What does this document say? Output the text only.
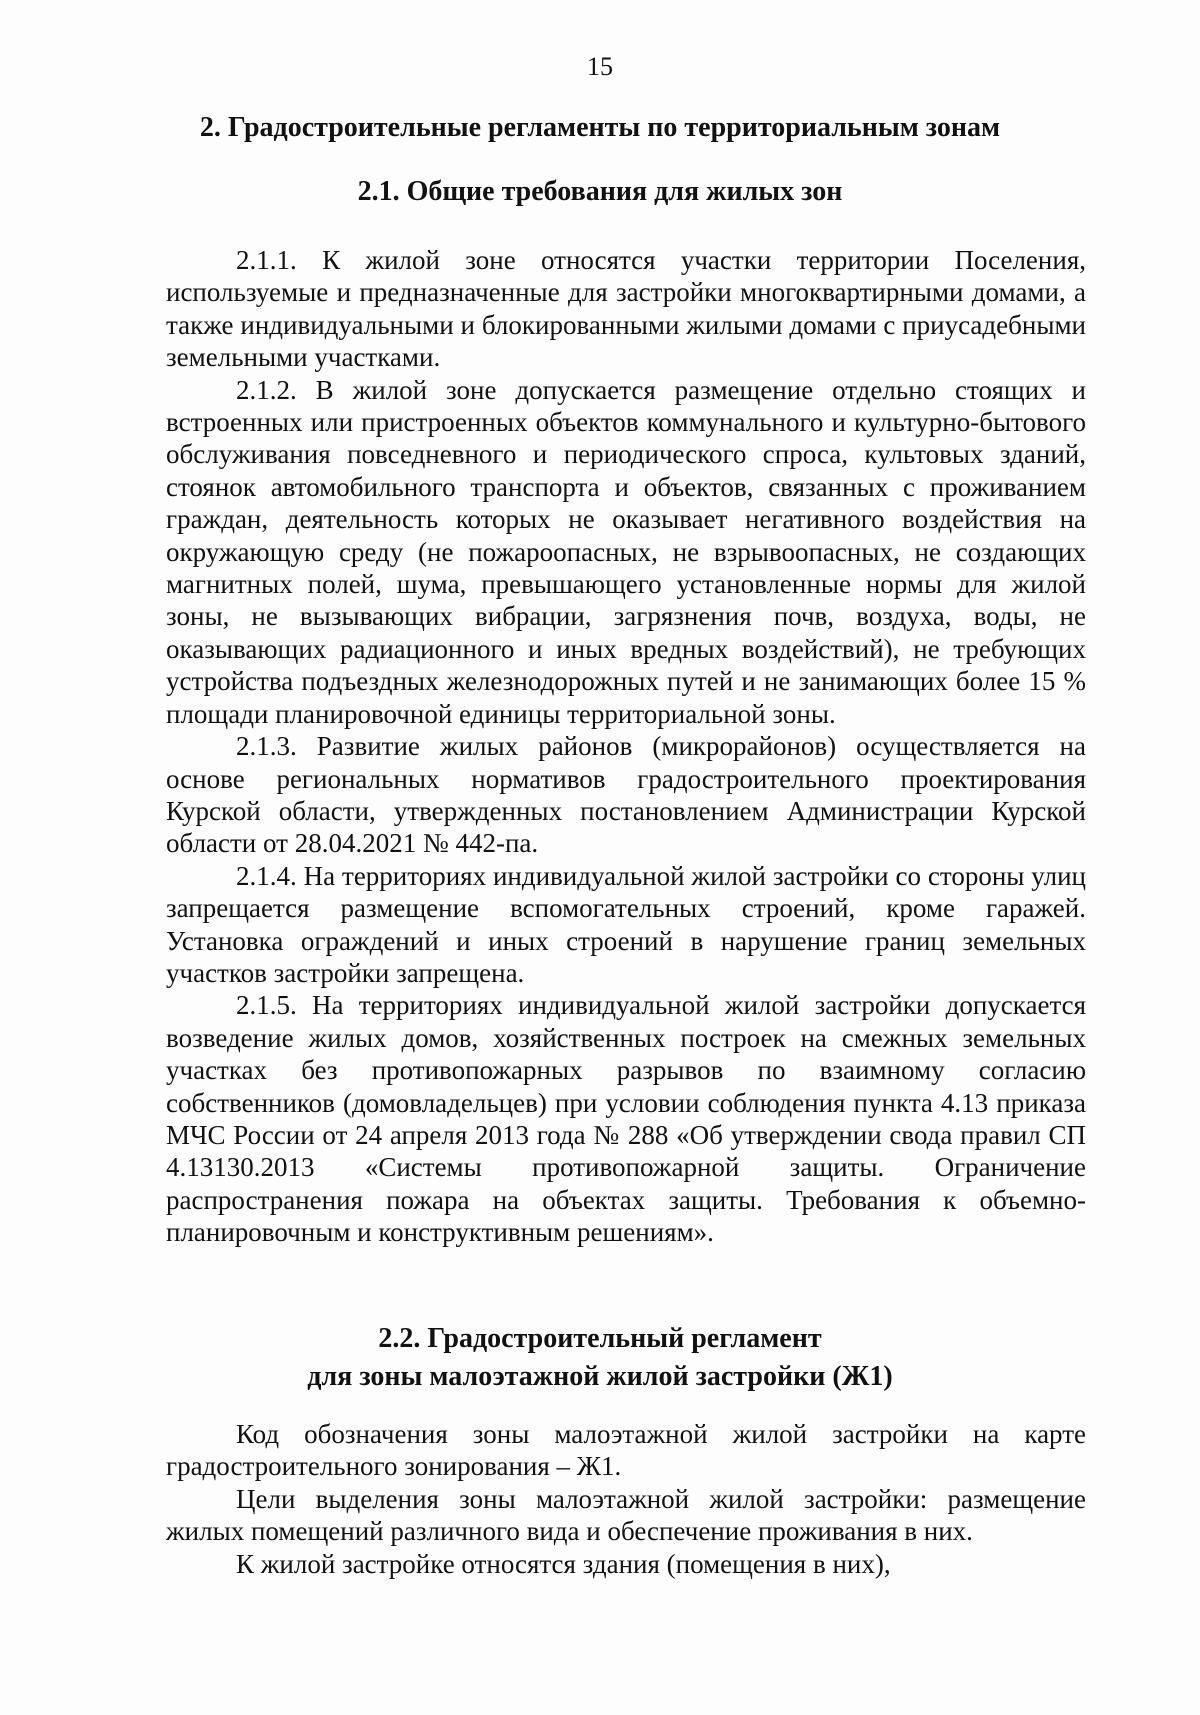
15
2. Градостроительные регламенты по территориальным зонам
2.1. Общие требования для жилых зон

2.1.1. К жилой зоне относятся участки территории Поселения, используемые и предназначенные для застройки многоквартирными домами, а также индивидуальными и блокированными жилыми домами с приусадебными земельными участками.

2.1.2. В жилой зоне допускается размещение отдельно стоящих и встроенных или пристроенных объектов коммунального и культурно-бытового обслуживания повседневного и периодического спроса, культовых зданий, стоянок автомобильного транспорта и объектов, связанных с проживанием граждан, деятельность которых не оказывает негативного воздействия на окружающую среду (не пожароопасных, не взрывоопасных, не создающих магнитных полей, шума, превышающего установленные нормы для жилой зоны, не вызывающих вибрации, загрязнения почв, воздуха, воды, не оказывающих радиационного и иных вредных воздействий), не требующих устройства подъездных железнодорожных путей и не занимающих более 15 % площади планировочной единицы территориальной зоны.

2.1.3. Развитие жилых районов (микрорайонов) осуществляется на основе региональных нормативов градостроительного проектирования Курской области, утвержденных постановлением Администрации Курской области от 28.04.2021 № 442-па.

2.1.4. На территориях индивидуальной жилой застройки со стороны улиц запрещается размещение вспомогательных строений, кроме гаражей. Установка ограждений и иных строений в нарушение границ земельных участков застройки запрещена.

2.1.5. На территориях индивидуальной жилой застройки допускается возведение жилых домов, хозяйственных построек на смежных земельных участках без противопожарных разрывов по взаимному согласию собственников (домовладельцев) при условии соблюдения пункта 4.13 приказа МЧС России от 24 апреля 2013 года № 288 «Об утверждении свода правил СП 4.13130.2013 «Системы противопожарной защиты. Ограничение распространения пожара на объектах защиты. Требования к объемно- планировочным и конструктивным решениям».

2.2. Градостроительный регламент
для зоны малоэтажной жилой застройки (Ж1)

Код обозначения зоны малоэтажной жилой застройки на карте градостроительного зонирования – Ж1.

Цели выделения зоны малоэтажной жилой застройки: размещение жилых помещений различного вида и обеспечение проживания в них.

К жилой застройке относятся здания (помещения в них),
